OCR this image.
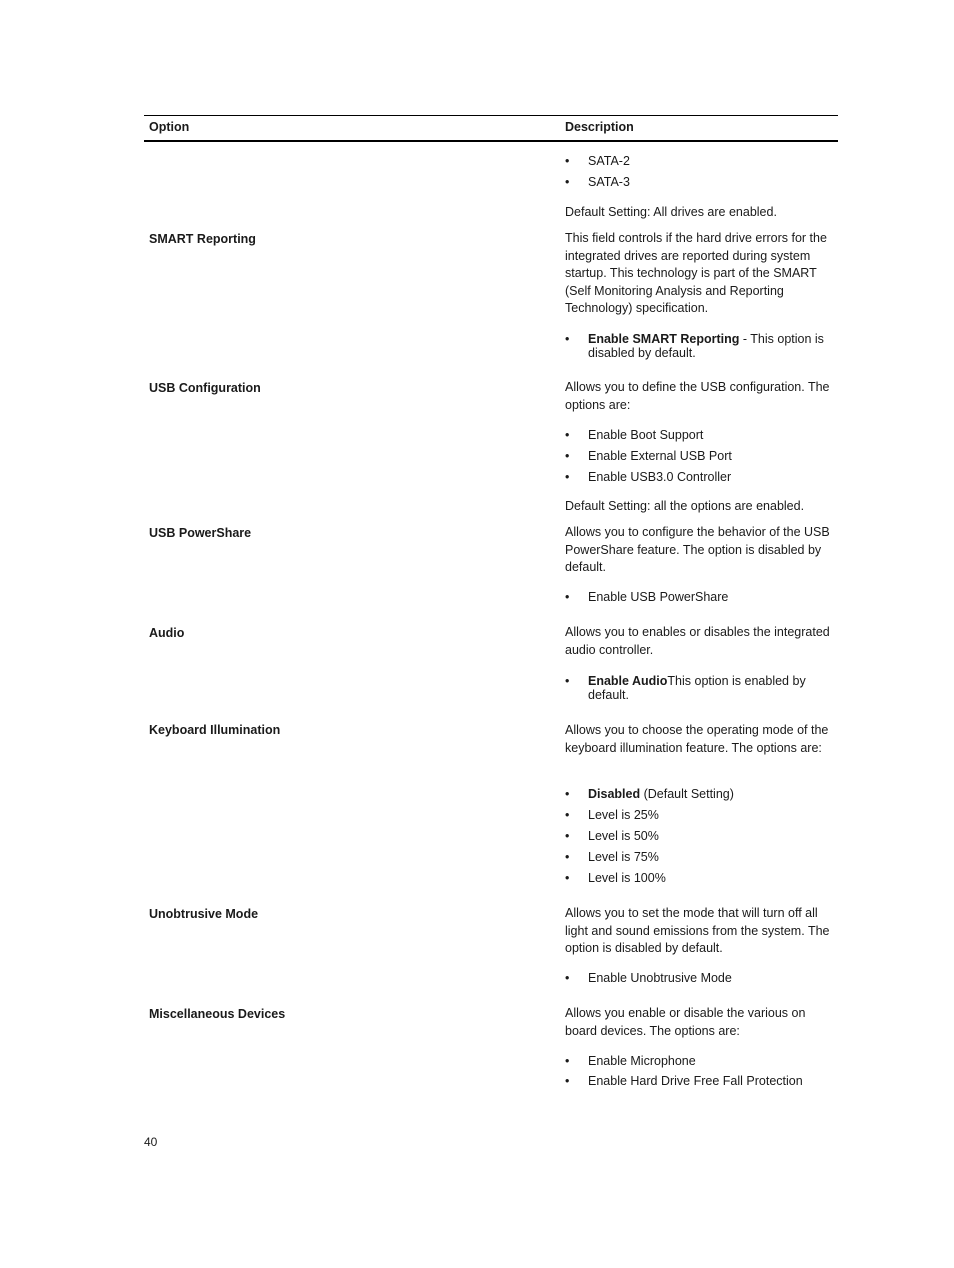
Option	Description
• SATA-2
• SATA-3
Default Setting: All drives are enabled.
SMART Reporting	This field controls if the hard drive errors for the integrated drives are reported during system startup. This technology is part of the SMART (Self Monitoring Analysis and Reporting Technology) specification.
• Enable SMART Reporting - This option is disabled by default.
USB Configuration	Allows you to define the USB configuration. The options are:
• Enable Boot Support
• Enable External USB Port
• Enable USB3.0 Controller
Default Setting: all the options are enabled.
USB PowerShare	Allows you to configure the behavior of the USB PowerShare feature. The option is disabled by default.
• Enable USB PowerShare
Audio	Allows you to enables or disables the integrated audio controller.
• Enable AudioThis option is enabled by default.
Keyboard Illumination	Allows you to choose the operating mode of the keyboard illumination feature. The options are:
• Disabled (Default Setting)
• Level is 25%
• Level is 50%
• Level is 75%
• Level is 100%
Unobtrusive Mode	Allows you to set the mode that will turn off all light and sound emissions from the system. The option is disabled by default.
• Enable Unobtrusive Mode
Miscellaneous Devices	Allows you enable or disable the various on board devices. The options are:
• Enable Microphone
• Enable Hard Drive Free Fall Protection
40
